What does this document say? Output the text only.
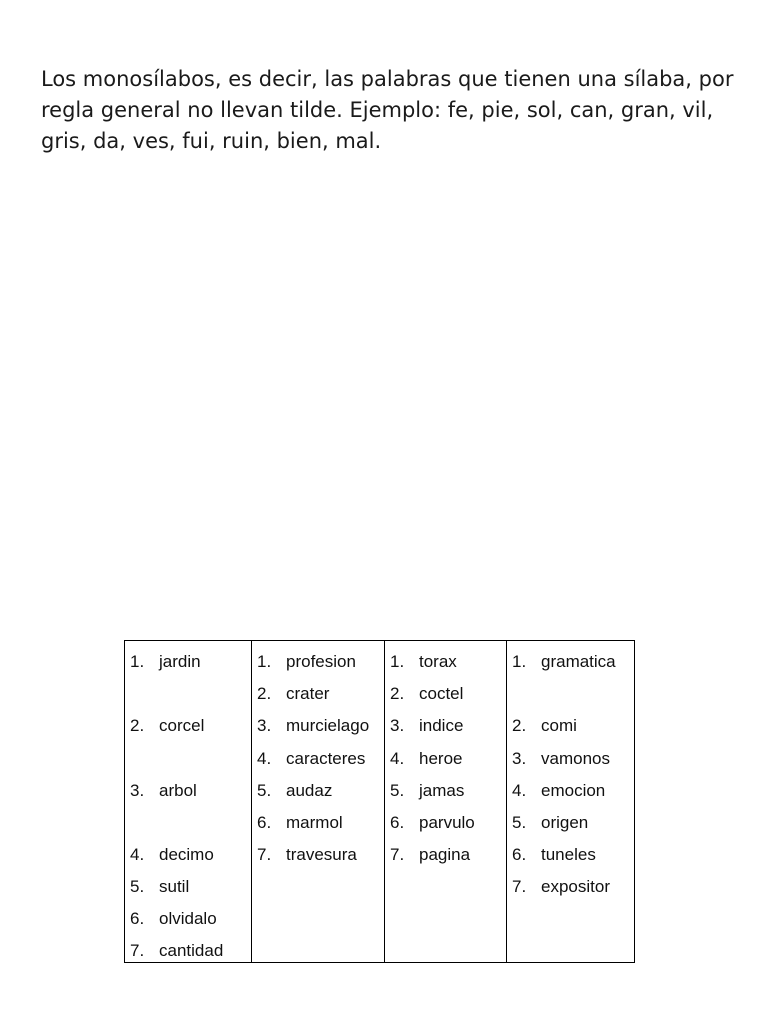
Los monosílabos, es decir, las palabras que tienen una sílaba, por
regla general no llevan tilde. Ejemplo: fe, pie, sol, can, gran, vil,
gris, da, ves, fui, ruin, bien, mal.

1. jardin
2. corcel
3. arbol
4. decimo
5. sutil
6. olvidalo
7. cantidad

1. profesion
2. crater
3. murcielago
4. caracteres
5. audaz
6. marmol
7. travesura

1. torax
2. coctel
3. indice
4. heroe
5. jamas
6. parvulo
7. pagina

1. gramatica
2. comi
3. vamonos
4. emocion
5. origen
6. tuneles
7. expositor
